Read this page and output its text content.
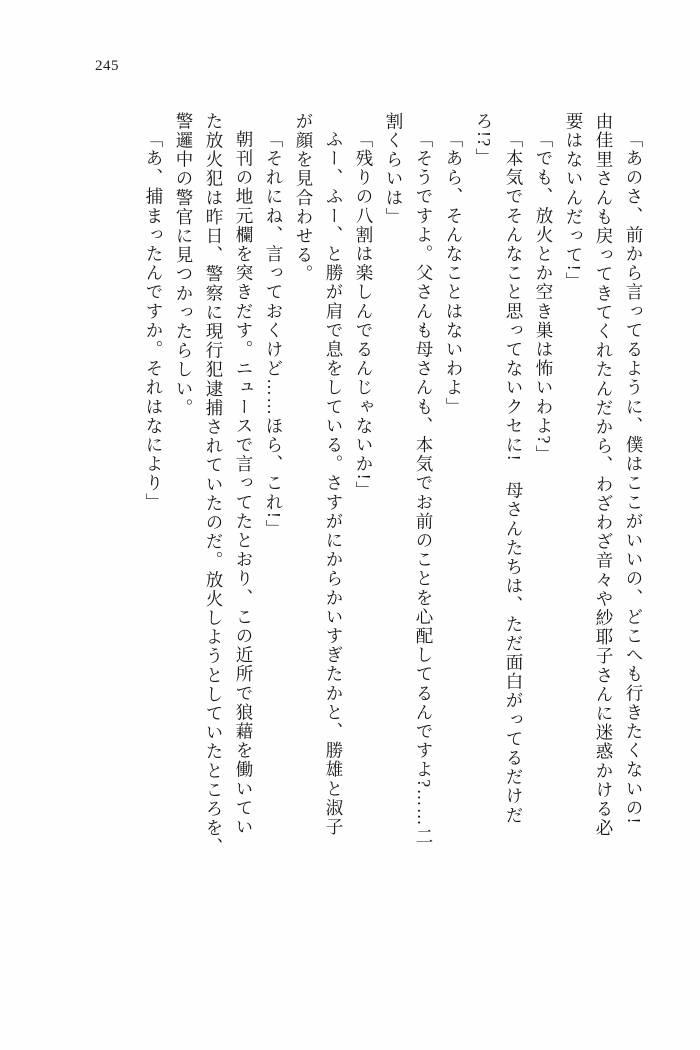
245
「あのさ、前から言ってるように、僕はここがいいの、どこへも行きたくないの!
由佳里さんも戻ってきてくれたんだから、わざわざ音々や紗耶子さんに迷惑かける必
要はないんだって!」
「でも、放火とか空き巣は怖いわよ?」
「本気でそんなこと思ってないクセに!　母さんたちは、ただ面白がってるだけだ
ろ!?」
「あら、そんなことはないわよ」
「そうですよ。父さんも母さんも、本気でお前のことを心配してるんですよ?……二
割くらいは」
「残りの八割は楽しんでるんじゃないか!」
ふー、ふー、と勝が肩で息をしている。さすがにからかいすぎたかと、勝雄と淑子
が顔を見合わせる。
「それにね、言っておくけど……ほら、これ!」
朝刊の地元欄を突きだす。ニュースで言ってたとおり、この近所で狼藉を働いてい
た放火犯は昨日、警察に現行犯逮捕されていたのだ。放火しようとしていたところを、
警邏中の警官に見つかったらしい。
「あ、捕まったんですか。それはなにより」
